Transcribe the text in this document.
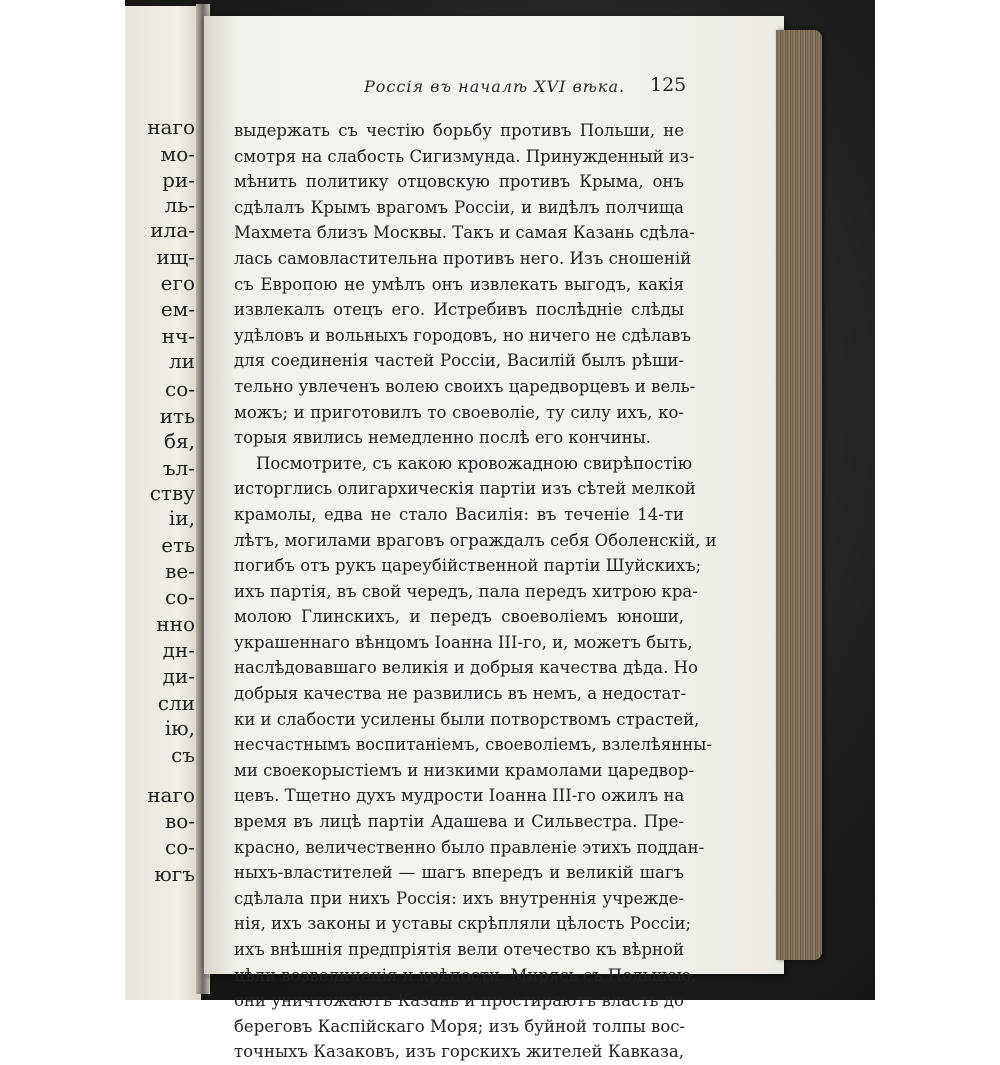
наго
мо-
ри-
ль-
ила-
ищ-
его
ем-
нч-
ли
со-
ить
бя,
ъл-
ству
іи,
еть
ве-
со-
нно
дн-
ди-
сли
ію,
съ
наго
во-
со-
югъ
Россія въ началѣ XVI вѣка. 125
выдержать съ честію борьбу противъ Польши, не
смотря на слабость Сигизмунда. Принужденный из-
мѣнить политику отцовскую противъ Крыма, онъ
сдѣлалъ Крымъ врагомъ Россіи, и видѣлъ полчища
Махмета близъ Москвы. Такъ и самая Казань сдѣла-
лась самовластительна противъ него. Изъ сношеній
съ Европою не умѣлъ онъ извлекать выгодъ, какія
извлекалъ отецъ его. Истребивъ послѣдніе слѣды
удѣловъ и вольныхъ городовъ, но ничего не сдѣлавъ
для соединенія частей Россіи, Василій былъ рѣши-
тельно увлеченъ волею своихъ царедворцевъ и вель-
можъ; и приготовилъ то своеволіе, ту силу ихъ, ко-
торыя явились немедленно послѣ его кончины.
Посмотрите, съ какою кровожадною свирѣпостію
исторглись олигархическія партіи изъ сѣтей мелкой
крамолы, едва не стало Василія: въ теченіе 14-ти
лѣтъ, могилами враговъ ограждалъ себя Оболенскій, и
погибъ отъ рукъ цареубійственной партіи Шуйскихъ;
ихъ партія, въ свой чередъ, пала передъ хитрою кра-
молою Глинскихъ, и передъ своеволіемъ юноши,
украшеннаго вѣнцомъ Іоанна III-го, и, можетъ быть,
наслѣдовавшаго великія и добрыя качества дѣда. Но
добрыя качества не развились въ немъ, а недостат-
ки и слабости усилены были потворствомъ страстей,
несчастнымъ воспитаніемъ, своеволіемъ, взлелѣянны-
ми своекорыстіемъ и низкими крамолами царедвор-
цевъ. Тщетно духъ мудрости Іоанна III-го ожилъ на
время въ лицѣ партіи Адашева и Сильвестра. Пре-
красно, величественно было правленіе этихъ поддан-
ныхъ-властителей — шагъ впередъ и великій шагъ
сдѣлала при нихъ Россія: ихъ внутреннія учрежде-
нія, ихъ законы и уставы скрѣпляли цѣлость Россіи;
ихъ внѣшнія предпріятія вели отечество къ вѣрной
цѣли возвеличенія и крѣпости. Мирясь съ Польшею,
они уничтожаютъ Казань и простираютъ власть до
береговъ Каспійскаго Моря; изъ буйной толпы вос-
точныхъ Казаковъ, изъ горскихъ жителей Кавказа,
